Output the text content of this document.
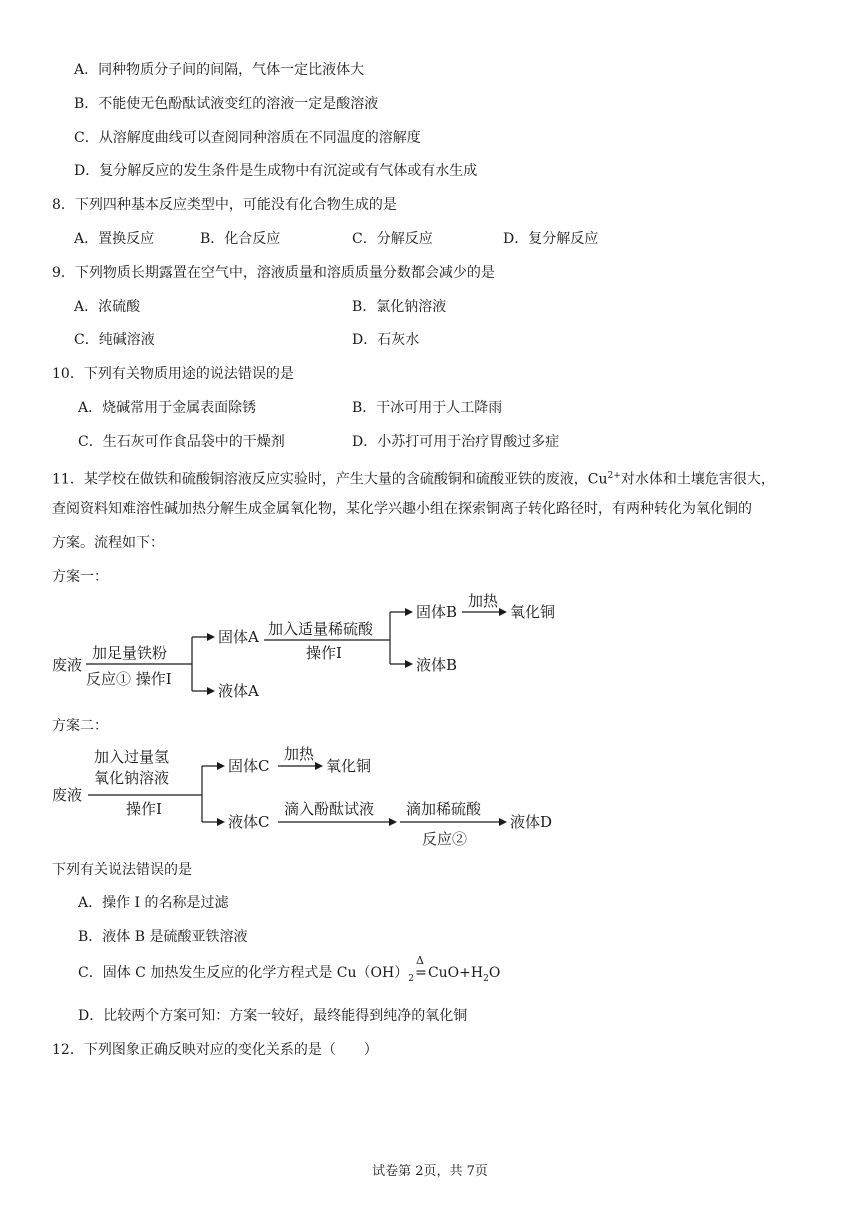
A．同种物质分子间的间隔，气体一定比液体大
B．不能使无色酚酞试液变红的溶液一定是酸溶液
C．从溶解度曲线可以查阅同种溶质在不同温度的溶解度
D．复分解反应的发生条件是生成物中有沉淀或有气体或有水生成
8．下列四种基本反应类型中，可能没有化合物生成的是
A．置换反应	B．化合反应	C．分解反应	D．复分解反应
9．下列物质长期露置在空气中，溶液质量和溶质质量分数都会减少的是
A．浓硫酸	B．氯化钠溶液
C．纯碱溶液	D．石灰水
10．下列有关物质用途的说法错误的是
A．烧碱常用于金属表面除锈	B．干冰可用于人工降雨
C．生石灰可作食品袋中的干燥剂	D．小苏打可用于治疗胃酸过多症
11．某学校在做铁和硫酸铜溶液反应实验时，产生大量的含硫酸铜和硫酸亚铁的废液，$Cu^{2+}$对水体和土壤危害很大，
查阅资料知难溶性碱加热分解生成金属氧化物，某化学兴趣小组在探索铜离子转化路径时，有两种转化为氧化铜的
方案。流程如下：
方案一：
废液
加足量铁粉
反应① 操作I
固体A
液体A
加入适量稀硫酸
操作I
固体B
液体B
加热
氧化铜
方案二：
废液
加入过量氢
氧化钠溶液
操作I
固体C
液体C
加热
氧化铜
滴入酚酞试液 滴加稀硫酸
反应②
液体D
下列有关说法错误的是
A．操作 I 的名称是过滤
B．液体 B 是硫酸亚铁溶液
C．固体 C 加热发生反应的化学方程式是 $Cu(OH)_2$
Δ
$=CuO+H_2O$
D．比较两个方案可知：方案一较好，最终能得到纯净的氧化铜
12．下列图象正确反映对应的变化关系的是（　　）
试卷第 2页，共 7页
